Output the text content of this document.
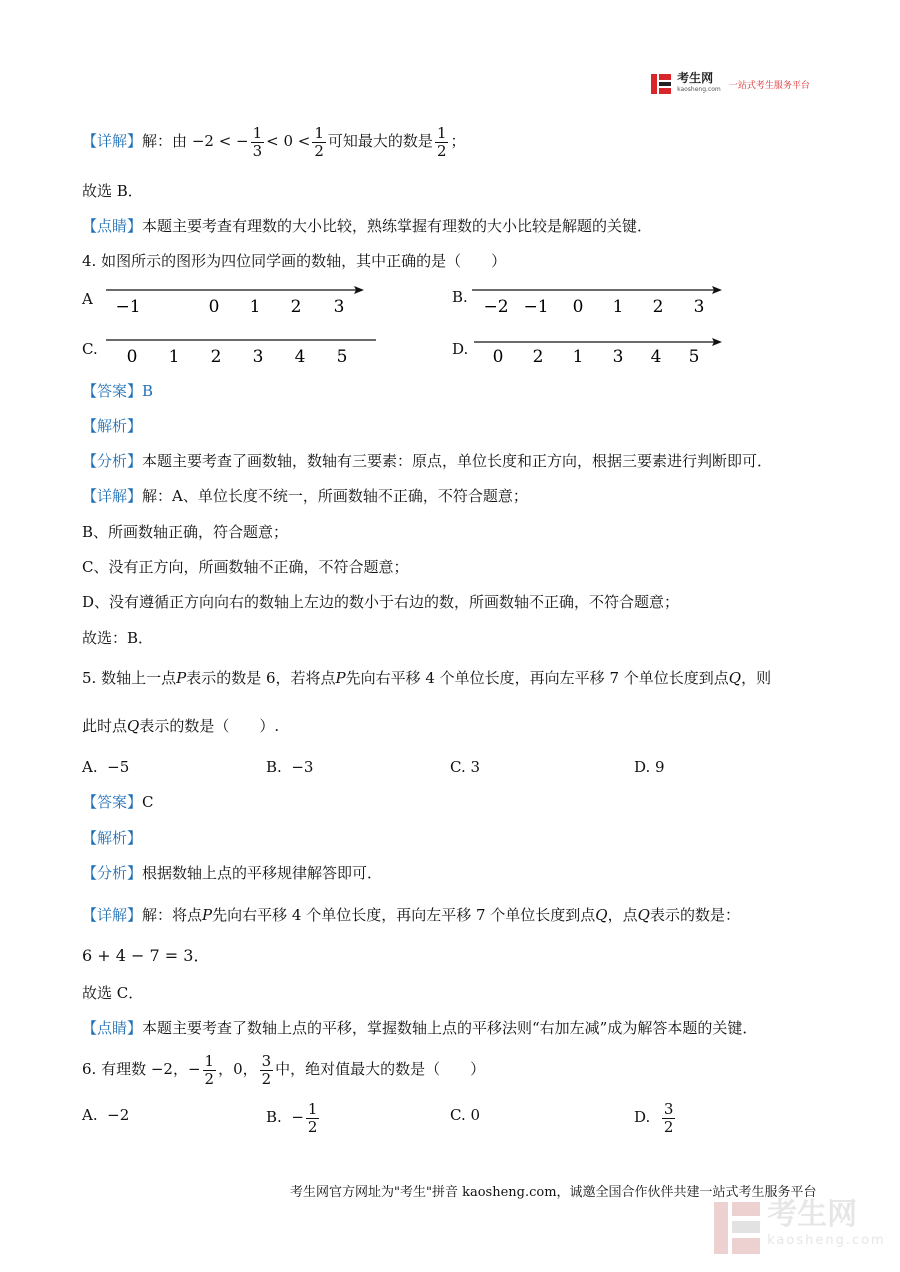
考生网
kaosheng.com 一站式考生服务平台
【详解】解：由 −2 < − $\frac{1}{3} < 0 < \frac{1}{2}$ 可知最大的数是 $\frac{1}{2}$ ；
故选 B．
【点睛】本题主要考查有理数的大小比较，熟练掌握有理数的大小比较是解题的关键．
4. 如图所示的图形为四位同学画的数轴，其中正确的是（　　）
A −1	0 1 2 3	B. −2 −1 0 1 2 3
C. 0 1 2 3 4 5	D. 0 2 1 3 4 5
【答案】B
【解析】
【分析】本题主要考查了画数轴，数轴有三要素：原点，单位长度和正方向，根据三要素进行判断即可．
【详解】解：A、单位长度不统一，所画数轴不正确，不符合题意；
B、所画数轴正确，符合题意；
C、没有正方向，所画数轴不正确，不符合题意；
D、没有遵循正方向向右的数轴上左边的数小于右边的数，所画数轴不正确，不符合题意；
故选：B．
5. 数轴上一点P表示的数是 6，若将点P先向右平移 4 个单位长度，再向左平移 7 个单位长度到点Q，则
此时点Q表示的数是（　　）.
A. −5	B. −3	C. 3	D. 9
【答案】C
【解析】
【分析】根据数轴上点的平移规律解答即可．
【详解】解：将点P先向右平移 4 个单位长度，再向左平移 7 个单位长度到点Q，点Q表示的数是：
6 + 4 − 7 = 3．
故选 C．
【点睛】本题主要考查了数轴上点的平移，掌握数轴上点的平移法则“右加左减”成为解答本题的关键．
6. 有理数 −2，− $\frac{1}{2}$ ，0， $\frac{3}{2}$ 中，绝对值最大的数是（　　）
A. −2	B. − $\frac{1}{2}$	C. 0	D. $\frac{3}{2}$
考生网官方网址为"考生"拼音 kaosheng.com，诚邀全国合作伙伴共建一站式考生服务平台

考生网
kaosheng.com
